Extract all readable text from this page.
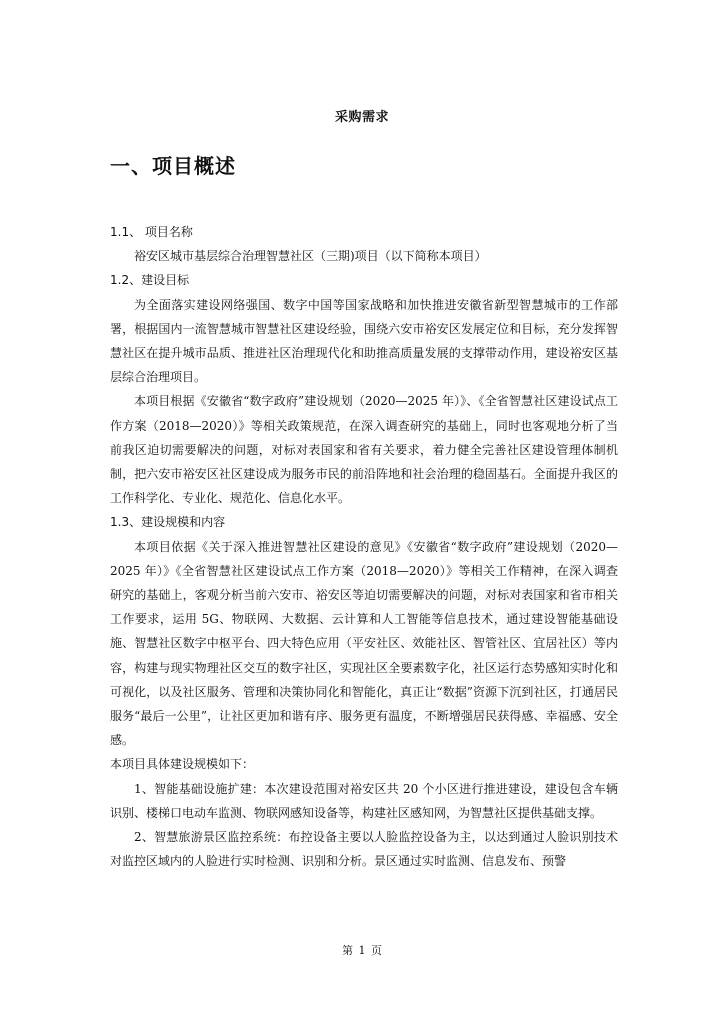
采购需求
一、项目概述

1.1、 项目名称

裕安区城市基层综合治理智慧社区（三期)项目（以下简称本项目）

1.2、建设目标

为全面落实建设网络强国、数字中国等国家战略和加快推进安徽省新型智慧城市的工作部署，根据国内一流智慧城市智慧社区建设经验，围绕六安市裕安区发展定位和目标，充分发挥智慧社区在提升城市品质、推进社区治理现代化和助推高质量发展的支撑带动作用，建设裕安区基层综合治理项目。

本项目根据《安徽省“数字政府”建设规划（2020—2025 年）》、《全省智慧社区建设试点工作方案（2018—2020）》等相关政策规范，在深入调查研究的基础上，同时也客观地分析了当前我区迫切需要解决的问题，对标对表国家和省有关要求，着力健全完善社区建设管理体制机制，把六安市裕安区社区建设成为服务市民的前沿阵地和社会治理的稳固基石。全面提升我区的工作科学化、专业化、规范化、信息化水平。

1.3、建设规模和内容

本项目依据《关于深入推进智慧社区建设的意见》《安徽省“数字政府”建设规划（2020—2025 年）》《全省智慧社区建设试点工作方案（2018—2020）》等相关工作精神，在深入调查研究的基础上，客观分析当前六安市、裕安区等迫切需要解决的问题，对标对表国家和省市相关工作要求，运用 5G、物联网、大数据、云计算和人工智能等信息技术，通过建设智能基础设施、智慧社区数字中枢平台、四大特色应用（平安社区、效能社区、智管社区、宜居社区）等内容，构建与现实物理社区交互的数字社区，实现社区全要素数字化，社区运行态势感知实时化和可视化，以及社区服务、管理和决策协同化和智能化，真正让“数据”资源下沉到社区，打通居民服务“最后一公里”，让社区更加和谐有序、服务更有温度，不断增强居民获得感、幸福感、安全感。

本项目具体建设规模如下：

1、智能基础设施扩建：本次建设范围对裕安区共 20 个小区进行推进建设，建设包含车辆识别、楼梯口电动车监测、物联网感知设备等，构建社区感知网，为智慧社区提供基础支撑。

2、智慧旅游景区监控系统：布控设备主要以人脸监控设备为主，以达到通过人脸识别技术对监控区域内的人脸进行实时检测、识别和分析。景区通过实时监测、信息发布、预警

第 1 页
